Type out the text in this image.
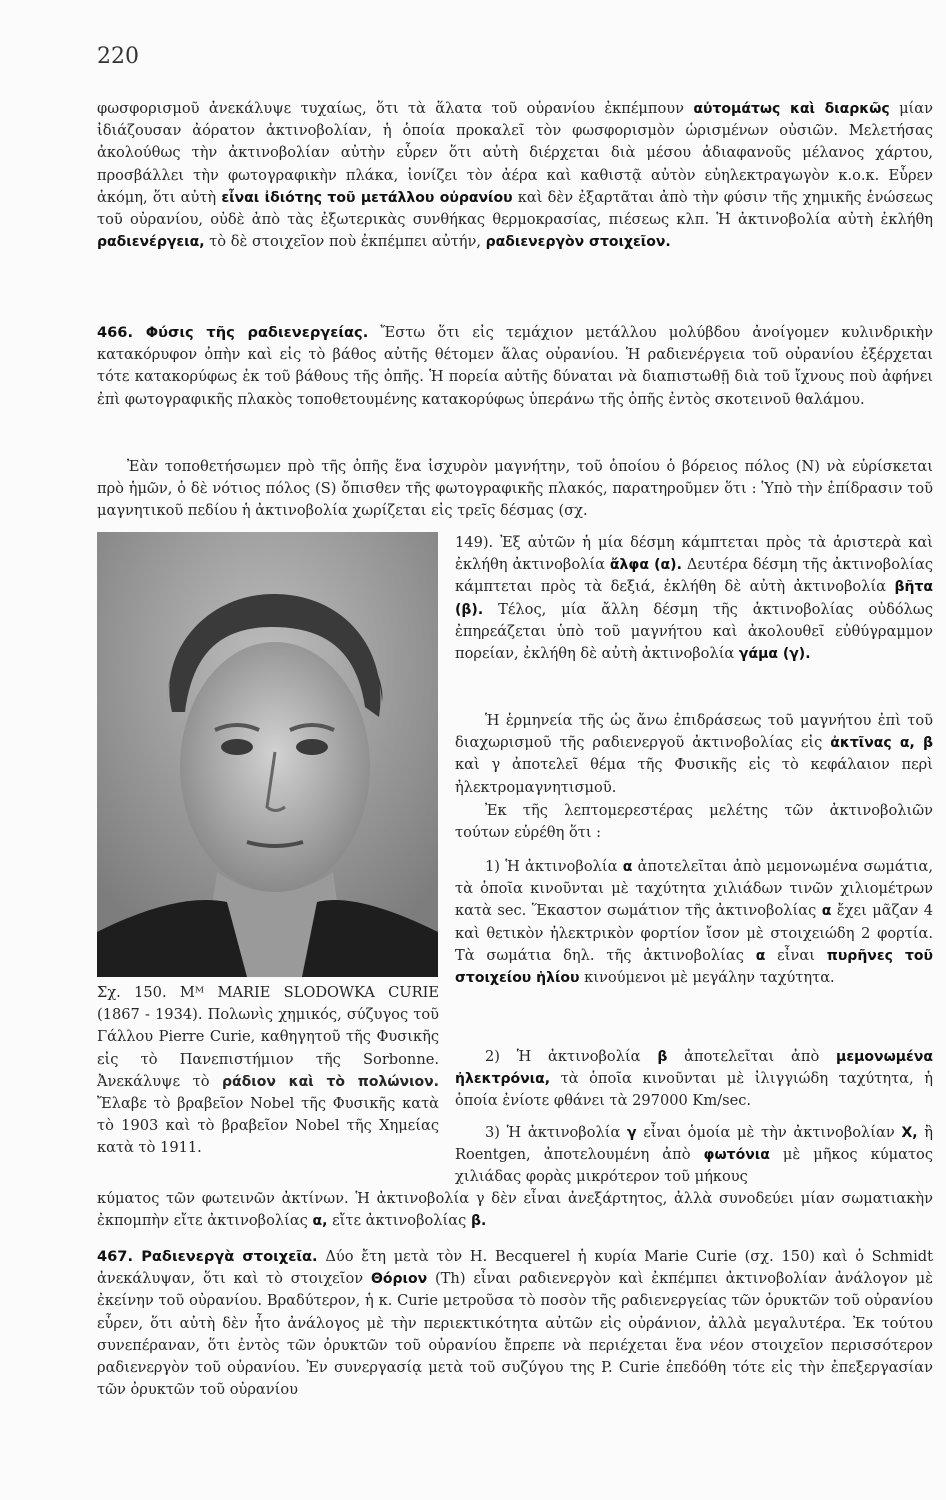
220

φωσφορισμοῦ ἀνεκάλυψε τυχαίως, ὅτι τὰ ἅλατα τοῦ οὐρανίου ἐκπέμπουν αὐτομάτως καὶ διαρκῶς μίαν ἰδιάζουσαν ἀόρατον ἀκτινοβολίαν, ἡ ὁποία προκαλεῖ τὸν φωσφορισμὸν ὡρισμένων οὐσιῶν. Μελετήσας ἀκολούθως τὴν ἀκτινοβολίαν αὐτὴν εὗρεν ὅτι αὐτὴ διέρχεται διὰ μέσου ἀδιαφανοῦς μέλανος χάρτου, προσβάλλει τὴν φωτογραφικὴν πλάκα, ἰονίζει τὸν ἀέρα καὶ καθιστᾷ αὐτὸν εὐηλεκτραγωγὸν κ.ο.κ. Εὗρεν ἀκόμη, ὅτι αὐτὴ εἶναι ἰδιότης τοῦ μετάλλου οὐρανίου καὶ δὲν ἐξαρτᾶται ἀπὸ τὴν φύσιν τῆς χημικῆς ἑνώσεως τοῦ οὐρανίου, οὐδὲ ἀπὸ τὰς ἐξωτερικὰς συνθήκας θερμοκρασίας, πιέσεως κλπ. Ἡ ἀκτινοβολία αὐτὴ ἐκλήθη ραδιενέργεια, τὸ δὲ στοιχεῖον ποὺ ἐκπέμπει αὐτήν, ραδιενεργὸν στοιχεῖον.

466. Φύσις τῆς ραδιενεργείας. Ἔστω ὅτι εἰς τεμάχιον μετάλλου μολύβδου ἀνοίγομεν κυλινδρικὴν κατακόρυφον ὀπὴν καὶ εἰς τὸ βάθος αὐτῆς θέτομεν ἅλας οὐρανίου. Ἡ ραδιενέργεια τοῦ οὐρανίου ἐξέρχεται τότε κατακορύφως ἐκ τοῦ βάθους τῆς ὀπῆς. Ἡ πορεία αὐτῆς δύναται νὰ διαπιστωθῇ διὰ τοῦ ἴχνους ποὺ ἀφήνει ἐπὶ φωτογραφικῆς πλακὸς τοποθετουμένης κατακορύφως ὑπεράνω τῆς ὀπῆς ἐντὸς σκοτεινοῦ θαλάμου.

Ἐὰν τοποθετήσωμεν πρὸ τῆς ὀπῆς ἕνα ἰσχυρὸν μαγνήτην, τοῦ ὁποίου ὁ βόρειος πόλος (N) νὰ εὑρίσκεται πρὸ ἡμῶν, ὁ δὲ νότιος πόλος (S) ὄπισθεν τῆς φωτογραφικῆς πλακός, παρατηροῦμεν ὅτι : Ὑπὸ τὴν ἐπίδρασιν τοῦ μαγνητικοῦ πεδίου ἡ ἀκτινοβολία χωρίζεται εἰς τρεῖς δέσμας (σχ.

149). Ἐξ αὐτῶν ἡ μία δέσμη κάμπτεται πρὸς τὰ ἀριστερὰ καὶ ἐκλήθη ἀκτινοβολία ἄλφα (α). Δευτέρα δέσμη τῆς ἀκτινοβολίας κάμπτεται πρὸς τὰ δεξιά, ἐκλήθη δὲ αὐτὴ ἀκτινοβολία βῆτα (β). Τέλος, μία ἄλλη δέσμη τῆς ἀκτινοβολίας οὐδόλως ἐπηρεάζεται ὑπὸ τοῦ μαγνήτου καὶ ἀκολουθεῖ εὐθύγραμμον πορείαν, ἐκλήθη δὲ αὐτὴ ἀκτινοβολία γάμα (γ).

Ἡ ἑρμηνεία τῆς ὡς ἄνω ἐπιδράσεως τοῦ μαγνήτου ἐπὶ τοῦ διαχωρισμοῦ τῆς ραδιενεργοῦ ἀκτινοβολίας εἰς ἀκτῖνας α, β καὶ γ ἀποτελεῖ θέμα τῆς Φυσικῆς εἰς τὸ κεφάλαιον περὶ ἠλεκτρομαγνητισμοῦ.

Ἐκ τῆς λεπτομερεστέρας μελέτης τῶν ἀκτινοβολιῶν τούτων εὑρέθη ὅτι :

1) Ἡ ἀκτινοβολία α ἀποτελεῖται ἀπὸ μεμονωμένα σωμάτια, τὰ ὁποῖα κινοῦνται μὲ ταχύτητα χιλιάδων τινῶν χιλιομέτρων κατὰ sec. Ἕκαστον σωμάτιον τῆς ἀκτινοβολίας α ἔχει μᾶζαν 4 καὶ θετικὸν ἠλεκτρικὸν φορτίον ἴσον μὲ στοιχειώδη 2 φορτία. Τὰ σωμάτια δηλ. τῆς ἀκτινοβολίας α εἶναι πυρῆνες τοῦ στοιχείου ἡλίου κινούμενοι μὲ μεγάλην ταχύτητα.

2) Ἡ ἀκτινοβολία β ἀποτελεῖται ἀπὸ μεμονωμένα ἠλεκτρόνια, τὰ ὁποῖα κινοῦνται μὲ ἰλιγγιώδη ταχύτητα, ἡ ὁποία ἐνίοτε φθάνει τὰ 297000 Km/sec.

3) Ἡ ἀκτινοβολία γ εἶναι ὁμοία μὲ τὴν ἀκτινοβολίαν X, ἢ Roentgen, ἀποτελουμένη ἀπὸ φωτόνια μὲ μῆκος κύματος χιλιάδας φορὰς μικρότερον τοῦ μήκους

Σχ. 150. Mᴹ MARIE SLODOWKA CURIE (1867 - 1934). Πολωνὶς χημικός, σύζυγος τοῦ Γάλλου Pierre Curie, καθηγητοῦ τῆς Φυσικῆς εἰς τὸ Πανεπιστήμιον τῆς Sorbonne. Ἀνεκάλυψε τὸ ράδιον καὶ τὸ πολώνιον. Ἔλαβε τὸ βραβεῖον Nobel τῆς Φυσικῆς κατὰ τὸ 1903 καὶ τὸ βραβεῖον Nobel τῆς Χημείας κατὰ τὸ 1911.

κύματος τῶν φωτεινῶν ἀκτίνων. Ἡ ἀκτινοβολία γ δὲν εἶναι ἀνεξάρτητος, ἀλλὰ συνοδεύει μίαν σωματιακὴν ἐκπομπὴν εἴτε ἀκτινοβολίας α, εἴτε ἀκτινοβολίας β.

467. Ραδιενεργὰ στοιχεῖα. Δύο ἔτη μετὰ τὸν H. Becquerel ἡ κυρία Marie Curie (σχ. 150) καὶ ὁ Schmidt ἀνεκάλυψαν, ὅτι καὶ τὸ στοιχεῖον Θόριον (Th) εἶναι ραδιενεργὸν καὶ ἐκπέμπει ἀκτινοβολίαν ἀνάλογον μὲ ἐκείνην τοῦ οὐρανίου. Βραδύτερον, ἡ κ. Curie μετροῦσα τὸ ποσὸν τῆς ραδιενεργείας τῶν ὀρυκτῶν τοῦ οὐρανίου εὗρεν, ὅτι αὐτὴ δὲν ἦτο ἀνάλογος μὲ τὴν περιεκτικότητα αὐτῶν εἰς οὐράνιον, ἀλλὰ μεγαλυτέρα. Ἐκ τούτου συνεπέραναν, ὅτι ἐντὸς τῶν ὀρυκτῶν τοῦ οὐρανίου ἔπρεπε νὰ περιέχεται ἕνα νέον στοιχεῖον περισσότερον ραδιενεργὸν τοῦ οὐρανίου. Ἐν συνεργασίᾳ μετὰ τοῦ συζύγου της P. Curie ἐπεδόθη τότε εἰς τὴν ἐπεξεργασίαν τῶν ὀρυκτῶν τοῦ οὐρανίου
